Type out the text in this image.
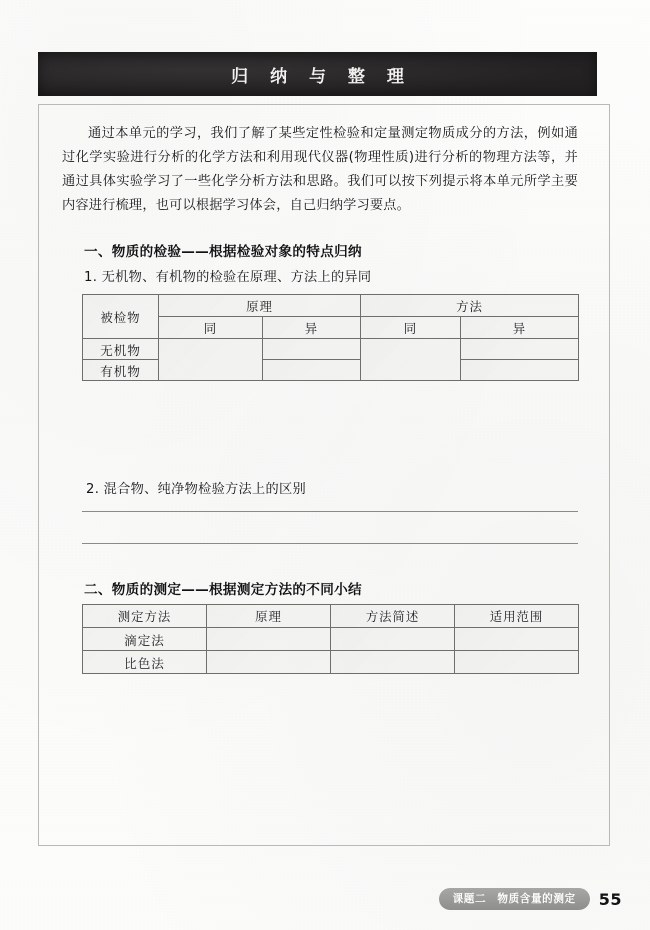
归 纳 与 整 理
通过本单元的学习，我们了解了某些定性检验和定量测定物质成分的方法，例如通过化学实验进行分析的化学方法和利用现代仪器(物理性质)进行分析的物理方法等，并通过具体实验学习了一些化学分析方法和思路。我们可以按下列提示将本单元所学主要内容进行梳理，也可以根据学习体会，自己归纳学习要点。
一、物质的检验——根据检验对象的特点归纳
1. 无机物、有机物的检验在原理、方法上的异同
被检物	原理		方法	
	同	异	同	异
无机物				

有机物				

2. 混合物、纯净物检验方法上的区别
二、物质的测定——根据测定方法的不同小结
测定方法	原理	方法简述	适用范围
滴定法			

比色法			

课题二　物质含量的测定	55
